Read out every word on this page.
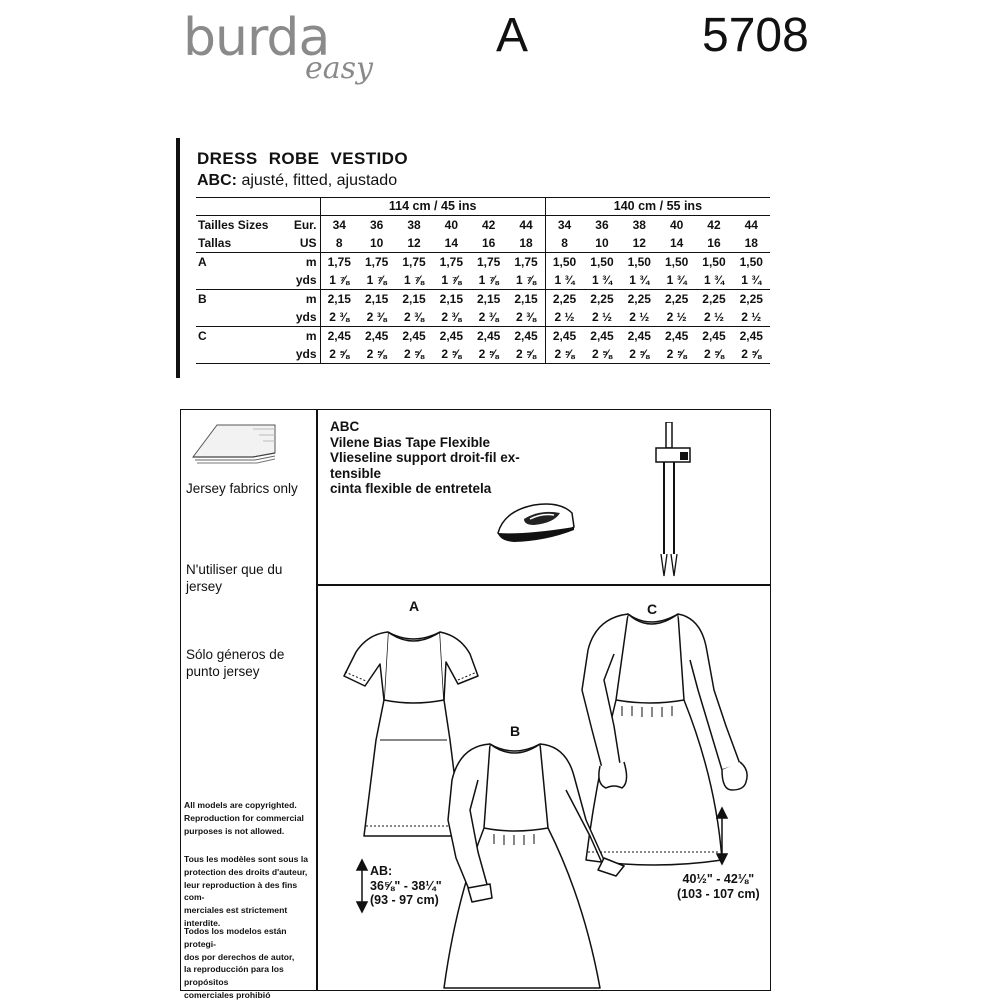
burda
easy
A	5708
DRESS ROBE VESTIDO
ABC: ajusté, fitted, ajustado
		114 cm / 45 ins						140 cm / 55 ins					
Tailles Sizes	Eur.	34	36	38	40	42	44	34	36	38	40	42	44
Tallas	US	8	10	12	14	16	18	8	10	12	14	16	18
A	m	1,75	1,75	1,75	1,75	1,75	1,75	1,50	1,50	1,50	1,50	1,50	1,50
	yds	1 ⅞	1 ⅞	1 ⅞	1 ⅞	1 ⅞	1 ⅞	1 ¾	1 ¾	1 ¾	1 ¾	1 ¾	1 ¾
B	m	2,15	2,15	2,15	2,15	2,15	2,15	2,25	2,25	2,25	2,25	2,25	2,25
	yds	2 ⅜	2 ⅜	2 ⅜	2 ⅜	2 ⅜	2 ⅜	2 ½	2 ½	2 ½	2 ½	2 ½	2 ½
C	m	2,45	2,45	2,45	2,45	2,45	2,45	2,45	2,45	2,45	2,45	2,45	2,45
	yds	2 ⅝	2 ⅝	2 ⅝	2 ⅝	2 ⅝	2 ⅝	2 ⅝	2 ⅝	2 ⅝	2 ⅝	2 ⅝	2 ⅝
Jersey fabrics only
N'utiliser que du
jersey
Sólo géneros de
punto jersey
All models are copyrighted.
Reproduction for commercial
purposes is not allowed.
Tous les modèles sont sous la
protection des droits d'auteur,
leur reproduction à des fins com-
merciales est strictement interdite.
Todos los modelos están protegi-
dos por derechos de autor,
la reproducción para los propósitos
comerciales prohibió
ABC
Vilene Bias Tape Flexible
Vlieseline support droit-fil ex-
tensible
cinta flexible de entretela
A
B
C
AB:
36⅝" - 38¼"
(93 - 97 cm)
40½" - 42⅛"
(103 - 107 cm)
